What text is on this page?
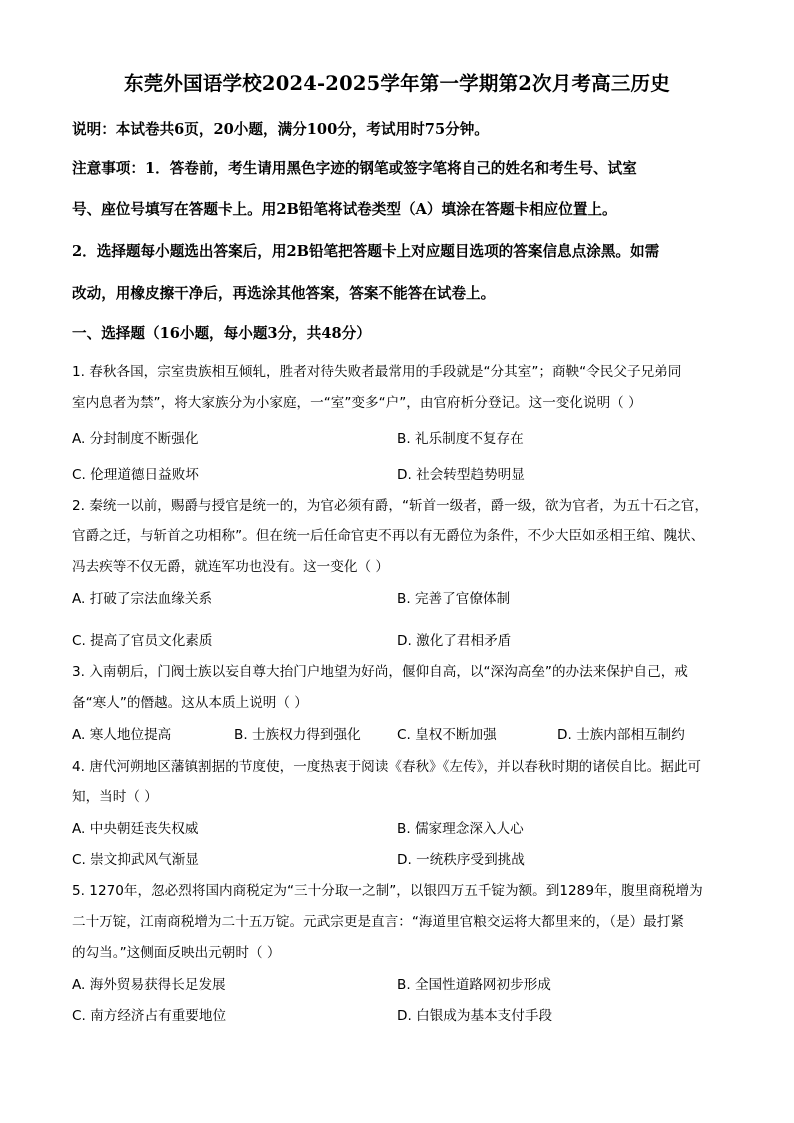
东莞外国语学校2024-2025学年第一学期第2次月考高三历史
说明：本试卷共6页，20小题，满分100分，考试用时75分钟。
注意事项：1．答卷前，考生请用黑色字迹的钢笔或签字笔将自己的姓名和考生号、试室
号、座位号填写在答题卡上。用2B铅笔将试卷类型（A）填涂在答题卡相应位置上。
2．选择题每小题选出答案后，用2B铅笔把答题卡上对应题目选项的答案信息点涂黑。如需
改动，用橡皮擦干净后，再选涂其他答案，答案不能答在试卷上。
一、选择题（16小题，每小题3分，共48分）
1. 春秋各国，宗室贵族相互倾轧，胜者对待失败者最常用的手段就是“分其室”；商鞅“令民父子兄弟同
室内息者为禁”，将大家族分为小家庭，一“室”变多“户”，由官府析分登记。这一变化说明（ ）
A. 分封制度不断强化	B. 礼乐制度不复存在
C. 伦理道德日益败坏	D. 社会转型趋势明显
2. 秦统一以前，赐爵与授官是统一的，为官必须有爵，“斩首一级者，爵一级，欲为官者，为五十石之官，
官爵之迁，与斩首之功相称”。但在统一后任命官吏不再以有无爵位为条件，不少大臣如丞相王绾、隗状、
冯去疾等不仅无爵，就连军功也没有。这一变化（ ）
A. 打破了宗法血缘关系	B. 完善了官僚体制
C. 提高了官员文化素质	D. 激化了君相矛盾
3. 入南朝后，门阀士族以妄自尊大抬门户地望为好尚，偃仰自高，以“深沟高垒”的办法来保护自己，戒
备“寒人”的僭越。这从本质上说明（ ）
A. 寒人地位提高	B. 士族权力得到强化	C. 皇权不断加强	D. 士族内部相互制约
4. 唐代河朔地区藩镇割据的节度使，一度热衷于阅读《春秋》《左传》，并以春秋时期的诸侯自比。据此可
知，当时（ ）
A. 中央朝廷丧失权威	B. 儒家理念深入人心
C. 崇文抑武风气渐显	D. 一统秩序受到挑战
5. 1270年，忽必烈将国内商税定为“三十分取一之制”，以银四万五千锭为额。到1289年，腹里商税增为
二十万锭，江南商税增为二十五万锭。元武宗更是直言：“海道里官粮交运将大都里来的，（是）最打紧
的勾当。”这侧面反映出元朝时（ ）
A. 海外贸易获得长足发展	B. 全国性道路网初步形成
C. 南方经济占有重要地位	D. 白银成为基本支付手段
